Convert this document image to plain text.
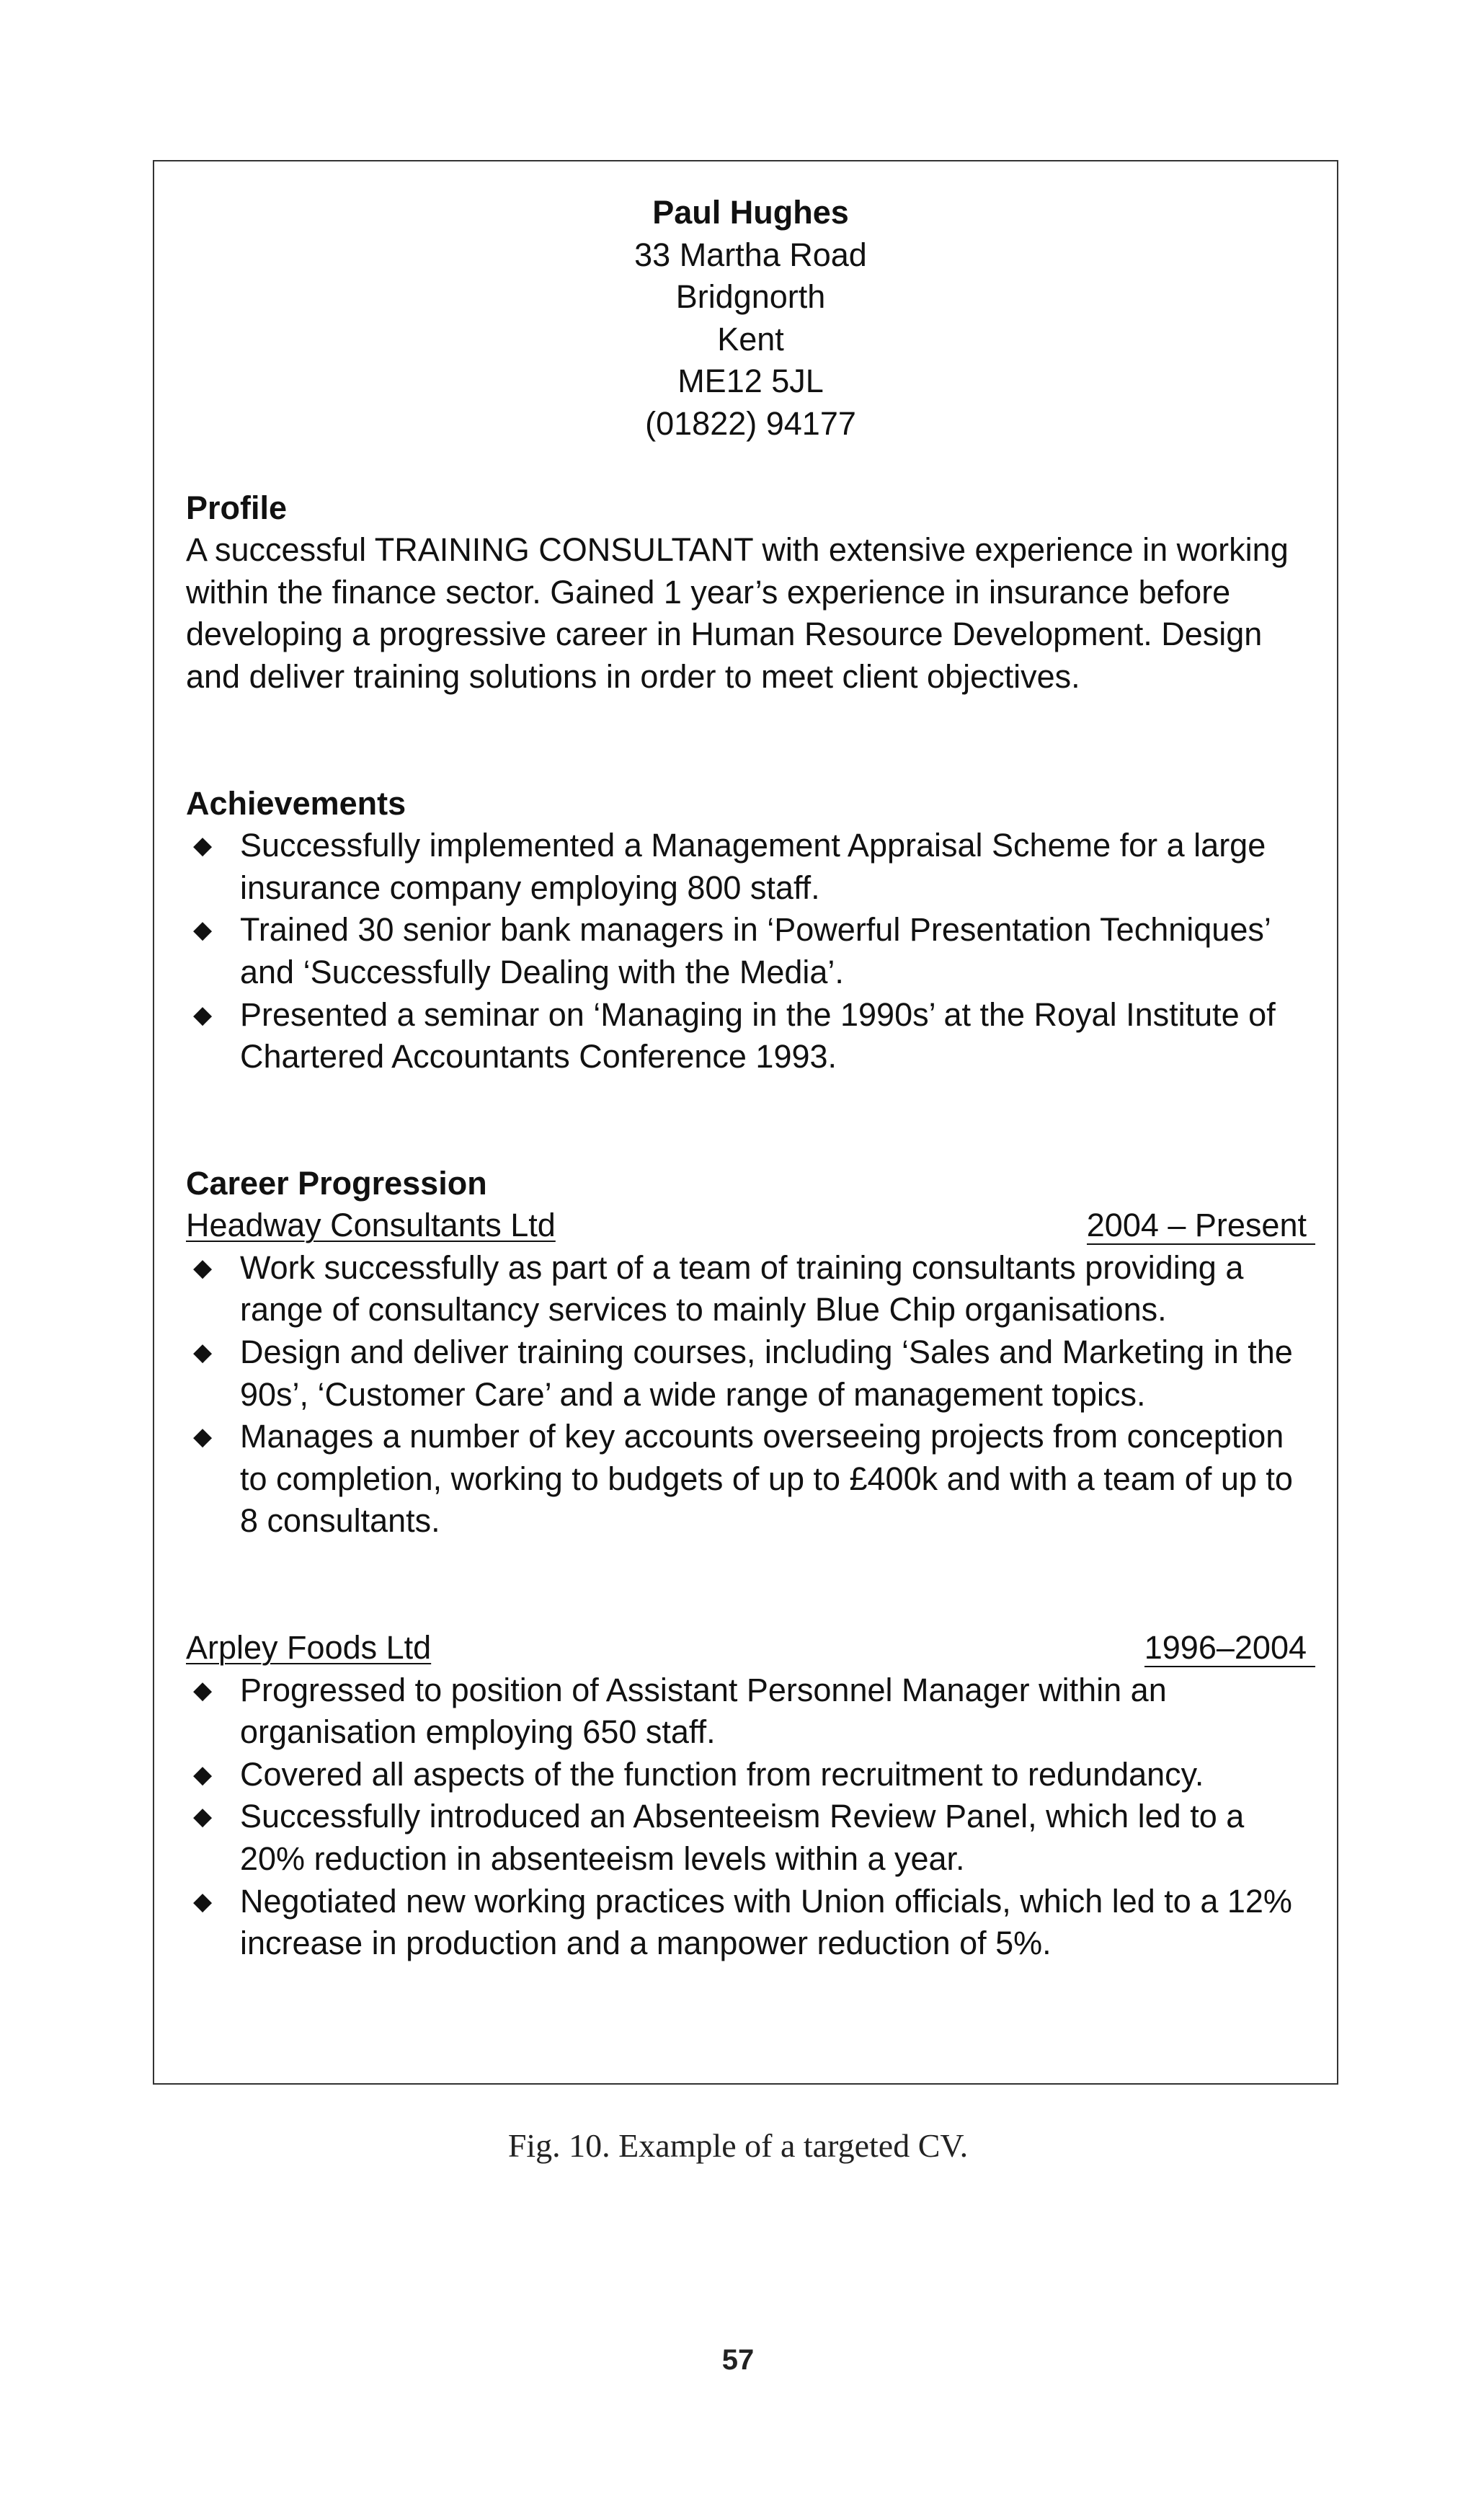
Paul Hughes
33 Martha Road
Bridgnorth
Kent
ME12 5JL
(01822) 94177
Profile

A successful TRAINING CONSULTANT with extensive experience in working within the finance sector. Gained 1 year’s experience in insurance before developing a progressive career in Human Resource Development. Design and deliver training solutions in order to meet client objectives.

Achievements
◆ Successfully implemented a Management Appraisal Scheme for a large insurance company employing 800 staff.
◆ Trained 30 senior bank managers in ‘Powerful Presentation Techniques’ and ‘Successfully Dealing with the Media’.
◆ Presented a seminar on ‘Managing in the 1990s’ at the Royal Institute of Chartered Accountants Conference 1993.
Career Progression
Headway Consultants Ltd	2004 – Present
◆ Work successfully as part of a team of training consultants providing a range of consultancy services to mainly Blue Chip organisations.
◆ Design and deliver training courses, including ‘Sales and Marketing in the 90s’, ‘Customer Care’ and a wide range of management topics.
◆ Manages a number of key accounts overseeing projects from conception to completion, working to budgets of up to £400k and with a team of up to 8 consultants.
Arpley Foods Ltd	1996–2004
◆ Progressed to position of Assistant Personnel Manager within an organisation employing 650 staff.
◆ Covered all aspects of the function from recruitment to redundancy.
◆ Successfully introduced an Absenteeism Review Panel, which led to a 20% reduction in absenteeism levels within a year.
◆ Negotiated new working practices with Union officials, which led to a 12% increase in production and a manpower reduction of 5%.
Fig. 10. Example of a targeted CV.
57
